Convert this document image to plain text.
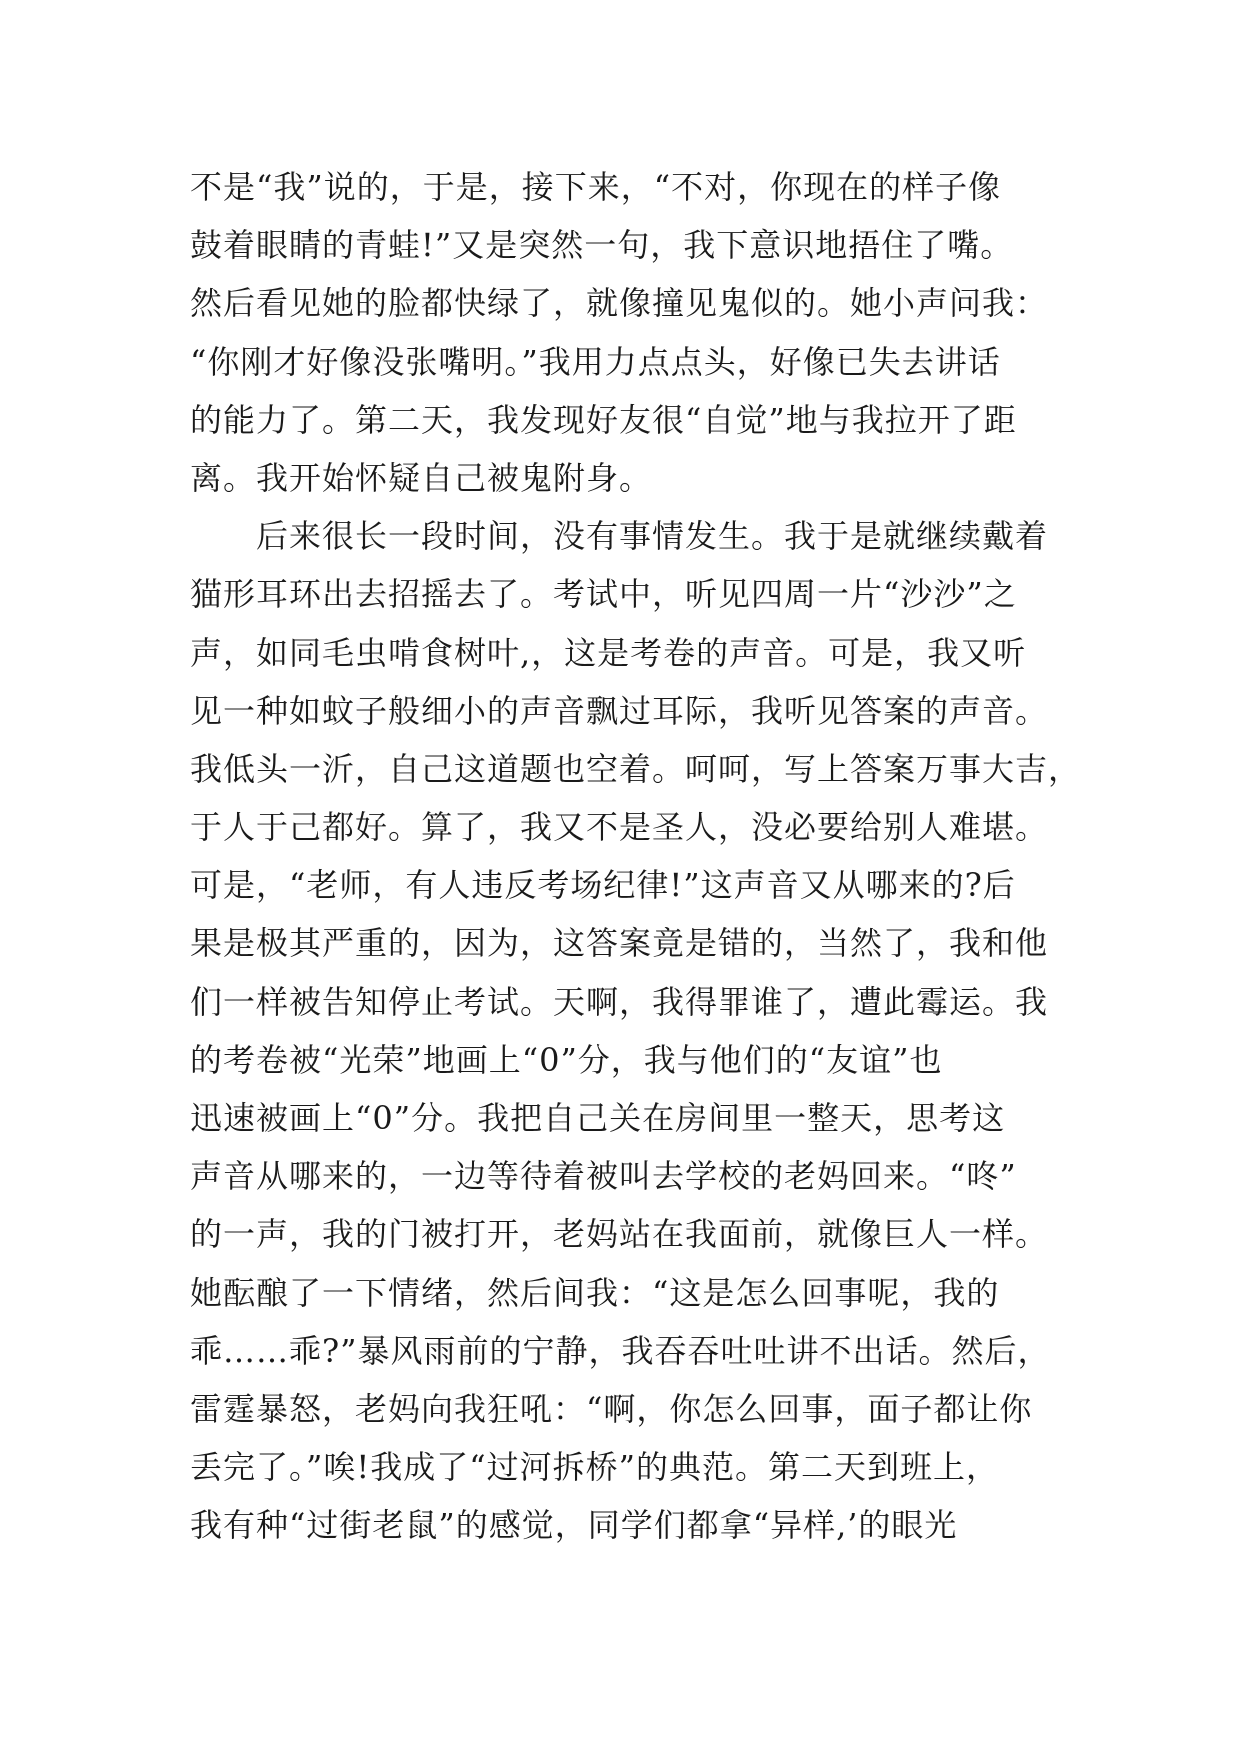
不是“我”说的，于是，接下来，“不对，你现在的样子像
鼓着眼睛的青蛙!”又是突然一句，我下意识地捂住了嘴。
然后看见她的脸都快绿了，就像撞见鬼似的。她小声问我：
“你刚才好像没张嘴明。”我用力点点头，好像已失去讲话
的能力了。第二天，我发现好友很“自觉”地与我拉开了距
离。我开始怀疑自己被鬼附身。
　　后来很长一段时间，没有事情发生。我于是就继续戴着
猫形耳环出去招摇去了。考试中，听见四周一片“沙沙”之
声，如同毛虫啃食树叶,，这是考卷的声音。可是，我又听
见一种如蚊子般细小的声音飘过耳际，我听见答案的声音。
我低头一沂，自己这道题也空着。呵呵，写上答案万事大吉，
于人于己都好。算了，我又不是圣人，没必要给别人难堪。
可是，“老师，有人违反考场纪律!”这声音又从哪来的?后
果是极其严重的，因为，这答案竟是错的，当然了，我和他
们一样被告知停止考试。天啊，我得罪谁了，遭此霉运。我
的考卷被“光荣”地画上“0”分，我与他们的“友谊”也
迅速被画上“0”分。我把自己关在房间里一整天，思考这
声音从哪来的，一边等待着被叫去学校的老妈回来。“咚”
的一声，我的门被打开，老妈站在我面前，就像巨人一样。
她酝酿了一下情绪，然后间我：“这是怎么回事呢，我的
乖……乖?”暴风雨前的宁静，我吞吞吐吐讲不出话。然后，
雷霆暴怒，老妈向我狂吼：“啊，你怎么回事，面子都让你
丢完了。”唉!我成了“过河拆桥”的典范。第二天到班上，
我有种“过街老鼠”的感觉，同学们都拿“异样,’的眼光
